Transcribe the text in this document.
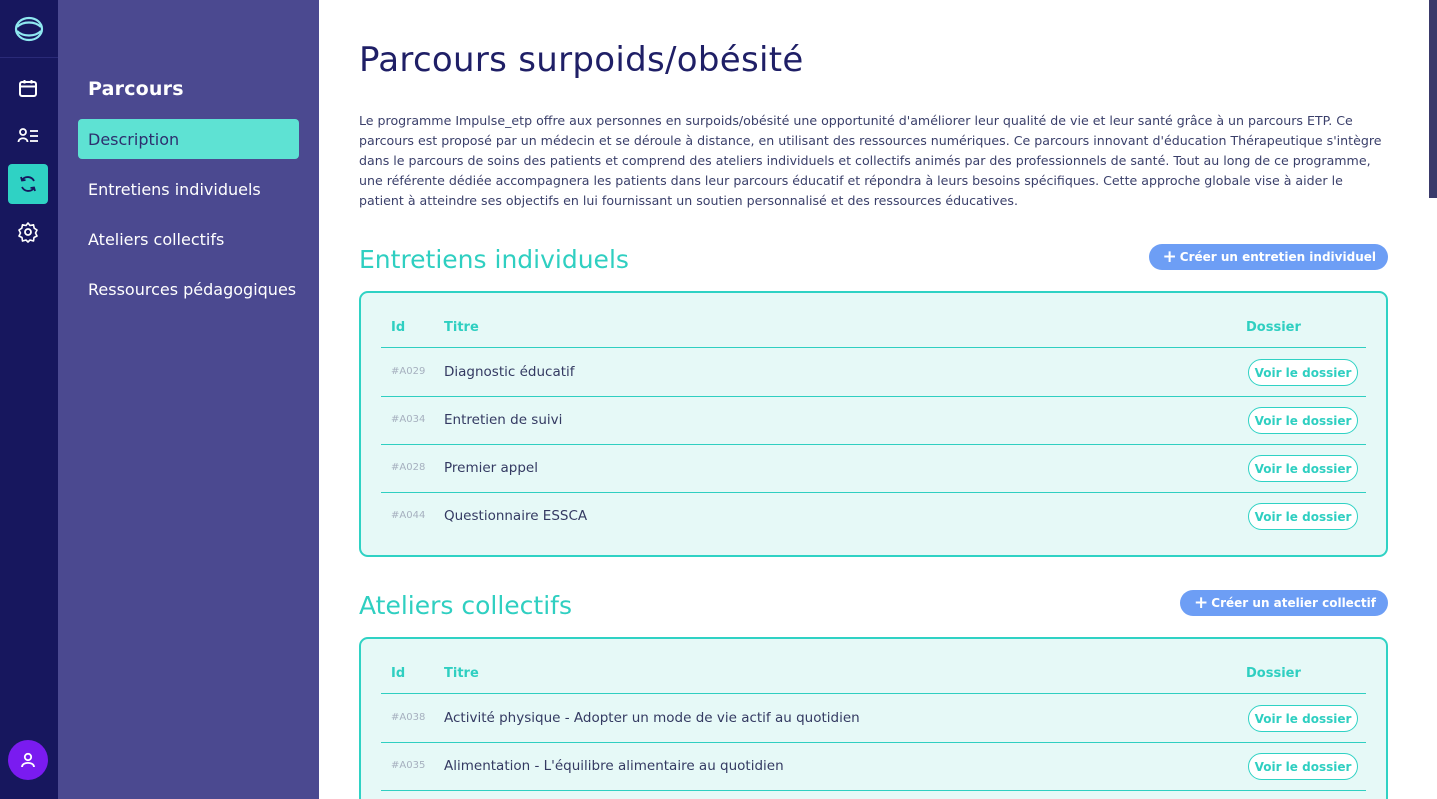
Parcours
Description
Entretiens individuels
Ateliers collectifs
Ressources pédagogiques
Parcours surpoids/obésité

Le programme Impulse_etp offre aux personnes en surpoids/obésité une opportunité d'améliorer leur qualité de vie et leur santé grâce à un parcours ETP. Ce parcours est proposé par un médecin et se déroule à distance, en utilisant des ressources numériques. Ce parcours innovant d'éducation Thérapeutique s'intègre dans le parcours de soins des patients et comprend des ateliers individuels et collectifs animés par des professionnels de santé. Tout au long de ce programme, une référente dédiée accompagnera les patients dans leur parcours éducatif et répondra à leurs besoins spécifiques. Cette approche globale vise à aider le patient à atteindre ses objectifs en lui fournissant un soutien personnalisé et des ressources éducatives.

Entretiens individuels	+ Créer un entretien individuel
Id	Titre	Dossier
#A029 Diagnostic éducatif	Voir le dossier
#A034 Entretien de suivi	Voir le dossier
#A028 Premier appel	Voir le dossier
#A044 Questionnaire ESSCA	Voir le dossier
Ateliers collectifs	+ Créer un atelier collectif
Id	Titre	Dossier
#A038 Activité physique - Adopter un mode de vie actif au quotidien	Voir le dossier
#A035 Alimentation - L'équilibre alimentaire au quotidien	Voir le dossier
